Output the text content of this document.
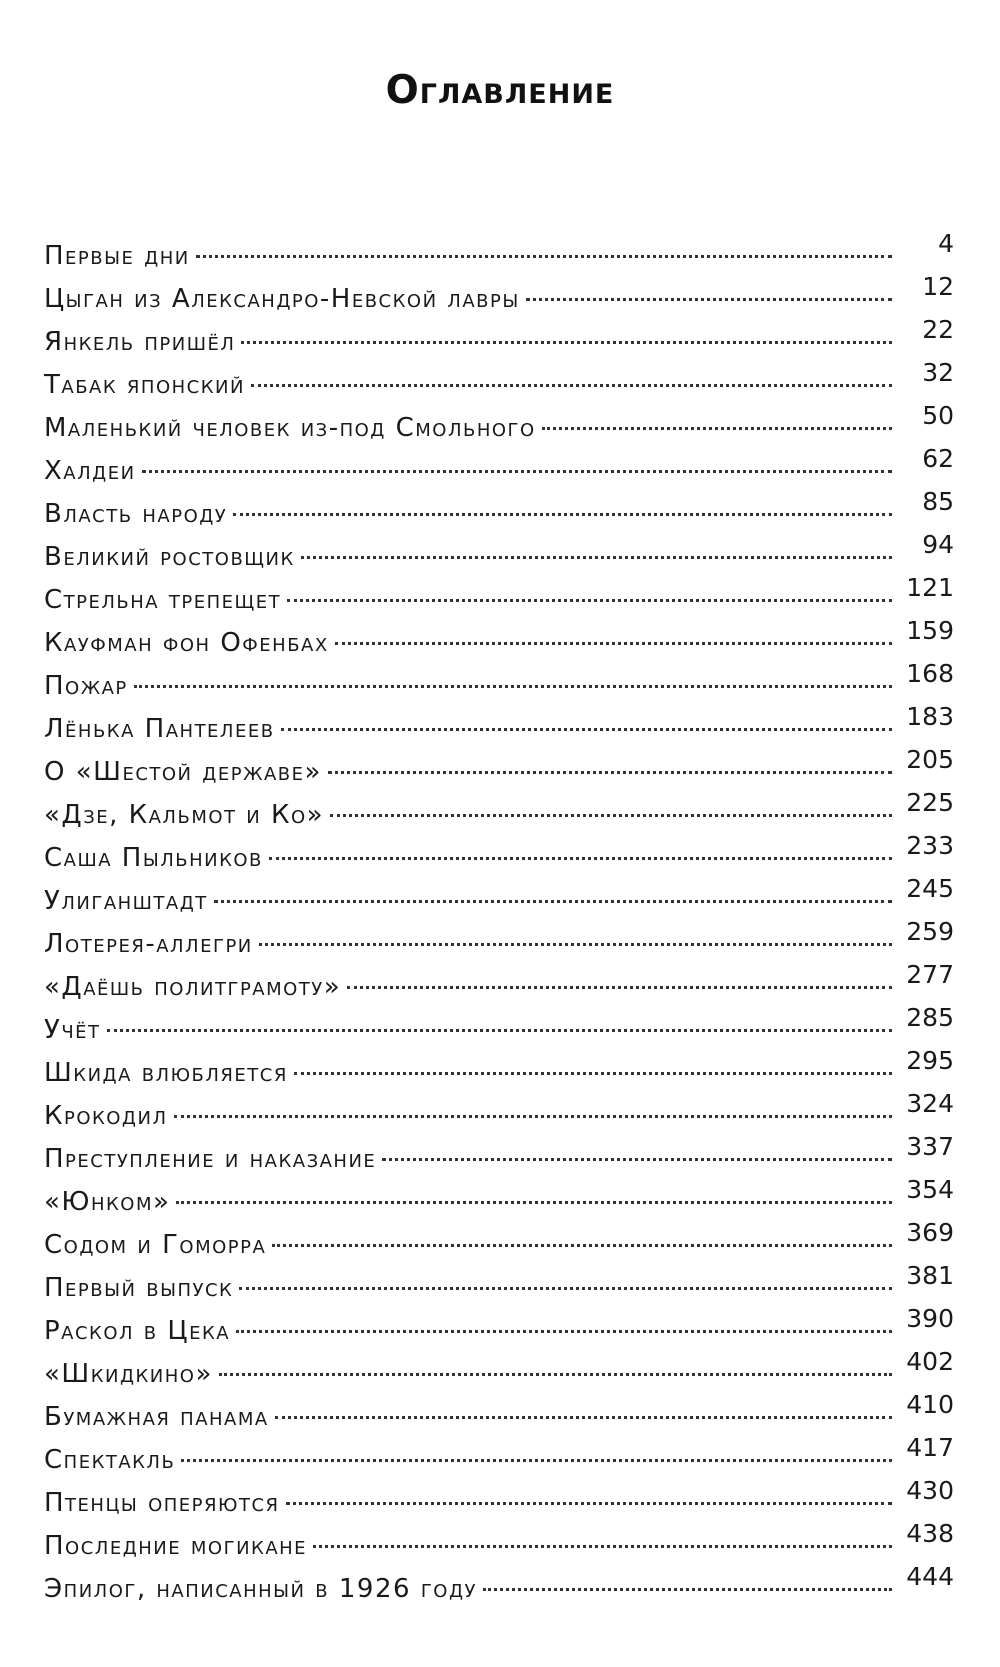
Оглавление
Первые дни	4
Цыган из Александро-Невской лавры	12
Янкель пришёл	22
Табак японский	32
Маленький человек из-под Смольного	50
Халдеи	62
Власть народу	85
Великий ростовщик	94
Стрельна трепещет	121
Кауфман фон Офенбах	159
Пожар	168
Лёнька Пантелеев	183
О «Шестой державе»	205
«Дзе, Кальмот и Ко»	225
Саша Пыльников	233
Улиганштадт	245
Лотерея-аллегри	259
«Даёшь политграмоту»	277
Учёт	285
Шкида влюбляется	295
Крокодил	324
Преступление и наказание	337
«Юнком»	354
Содом и Гоморра	369
Первый выпуск	381
Раскол в Цека	390
«Шкидкино»	402
Бумажная панама	410
Спектакль	417
Птенцы оперяются	430
Последние могикане	438
Эпилог, написанный в 1926 году	444
